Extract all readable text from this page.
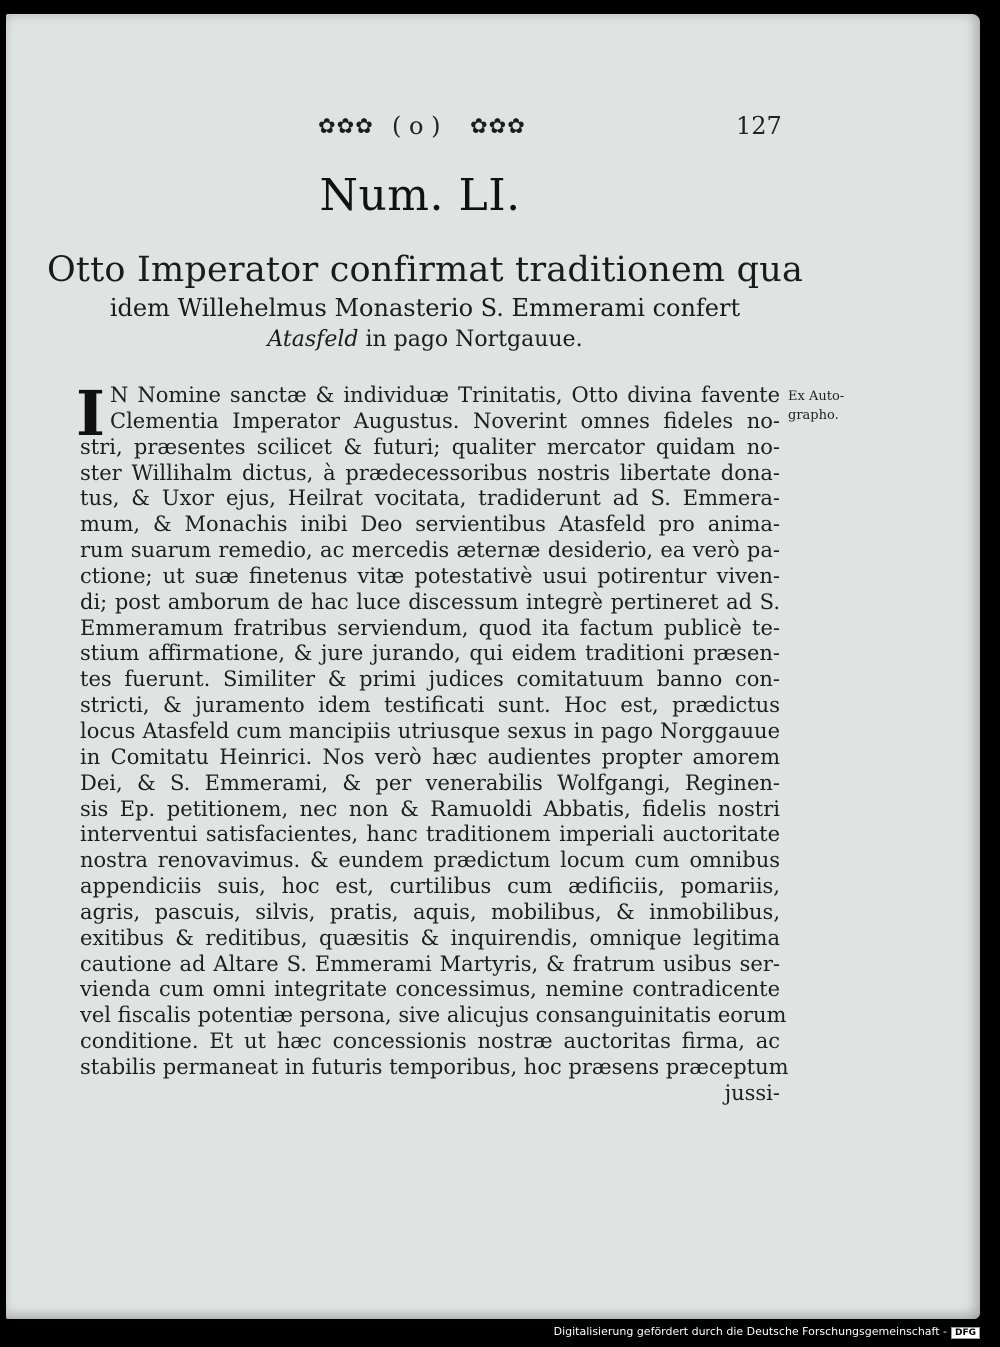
✿✿✿ ( o ) ✿✿✿	127
Num. LI.
Otto Imperator confirmat traditionem qua
idem Willehelmus Monasterio S. Emmerami confert
Atasfeld in pago Nortgauue.
Ex Auto-
grapho.
I N Nomine sanctæ & individuæ Trinitatis, Otto divina favente
Clementia Imperator Augustus. Noverint omnes fideles no-
stri, præsentes scilicet & futuri; qualiter mercator quidam no-
ster Willihalm dictus, à prædecessoribus nostris libertate dona-
tus, & Uxor ejus, Heilrat vocitata, tradiderunt ad S. Emmera-
mum, & Monachis inibi Deo servientibus Atasfeld pro anima-
rum suarum remedio, ac mercedis æternæ desiderio, ea verò pa-
ctione; ut suæ finetenus vitæ potestativè usui potirentur viven-
di; post amborum de hac luce discessum integrè pertineret ad S.
Emmeramum fratribus serviendum, quod ita factum publicè te-
stium affirmatione, & jure jurando, qui eidem traditioni præsen-
tes fuerunt. Similiter & primi judices comitatuum banno con-
stricti, & juramento idem testificati sunt. Hoc est, prædictus
locus Atasfeld cum mancipiis utriusque sexus in pago Norggauue
in Comitatu Heinrici. Nos verò hæc audientes propter amorem
Dei, & S. Emmerami, & per venerabilis Wolfgangi, Reginen-
sis Ep. petitionem, nec non & Ramuoldi Abbatis, fidelis nostri
interventui satisfacientes, hanc traditionem imperiali auctoritate
nostra renovavimus. & eundem prædictum locum cum omnibus
appendiciis suis, hoc est, curtilibus cum ædificiis, pomariis,
agris, pascuis, silvis, pratis, aquis, mobilibus, & inmobilibus,
exitibus & reditibus, quæsitis & inquirendis, omnique legitima
cautione ad Altare S. Emmerami Martyris, & fratrum usibus ser-
vienda cum omni integritate concessimus, nemine contradicente
vel fiscalis potentiæ persona, sive alicujus consanguinitatis eorum
conditione. Et ut hæc concessionis nostræ auctoritas firma, ac
stabilis permaneat in futuris temporibus, hoc præsens præceptum
jussi-
Digitalisierung gefördert durch die Deutsche Forschungsgemeinschaft - DFG
